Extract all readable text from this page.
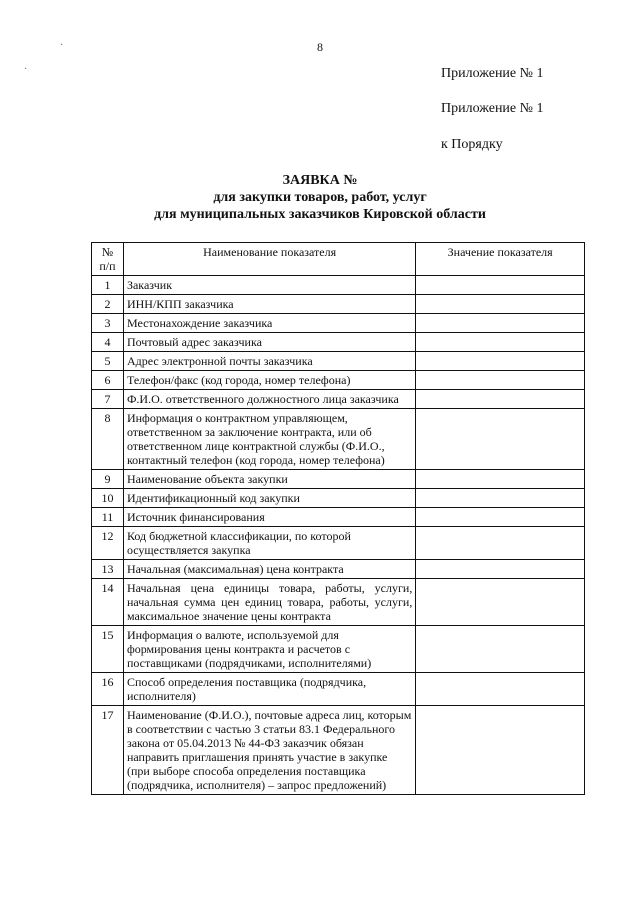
8
Приложение № 1
Приложение № 1
к Порядку
ЗАЯВКА №
для закупки товаров, работ, услуг
для муниципальных заказчиков Кировской области
№
п/п	Наименование показателя	Значение показателя
1	Заказчик	
2	ИНН/КПП заказчика	
3	Местонахождение заказчика	
4	Почтовый адрес заказчика	
5	Адрес электронной почты заказчика	
6	Телефон/факс (код города, номер телефона)	
7	Ф.И.О. ответственного должностного лица заказчика	
8	Информация о контрактном управляющем, ответственном за заключение контракта, или об ответственном лице контрактной службы (Ф.И.О., контактный телефон (код города, номер телефона)	
9	Наименование объекта закупки	
10	Идентификационный код закупки	
11	Источник финансирования	
12	Код бюджетной классификации, по которой осуществляется закупка	
13	Начальная (максимальная) цена контракта	
14	Начальная цена единицы товара, работы, услуги, начальная сумма цен единиц товара, работы, услуги, максимальное значение цены контракта	
15	Информация о валюте, используемой для формирования цены контракта и расчетов с поставщиками (подрядчиками, исполнителями)	
16	Способ определения поставщика (подрядчика, исполнителя)	
17	Наименование (Ф.И.О.), почтовые адреса лиц, которым в соответствии с частью 3 статьи 83.1 Федерального закона от 05.04.2013 № 44-ФЗ заказчик обязан направить приглашения принять участие в закупке (при выборе способа определения поставщика (подрядчика, исполнителя) – запрос предложений)	
·
·
